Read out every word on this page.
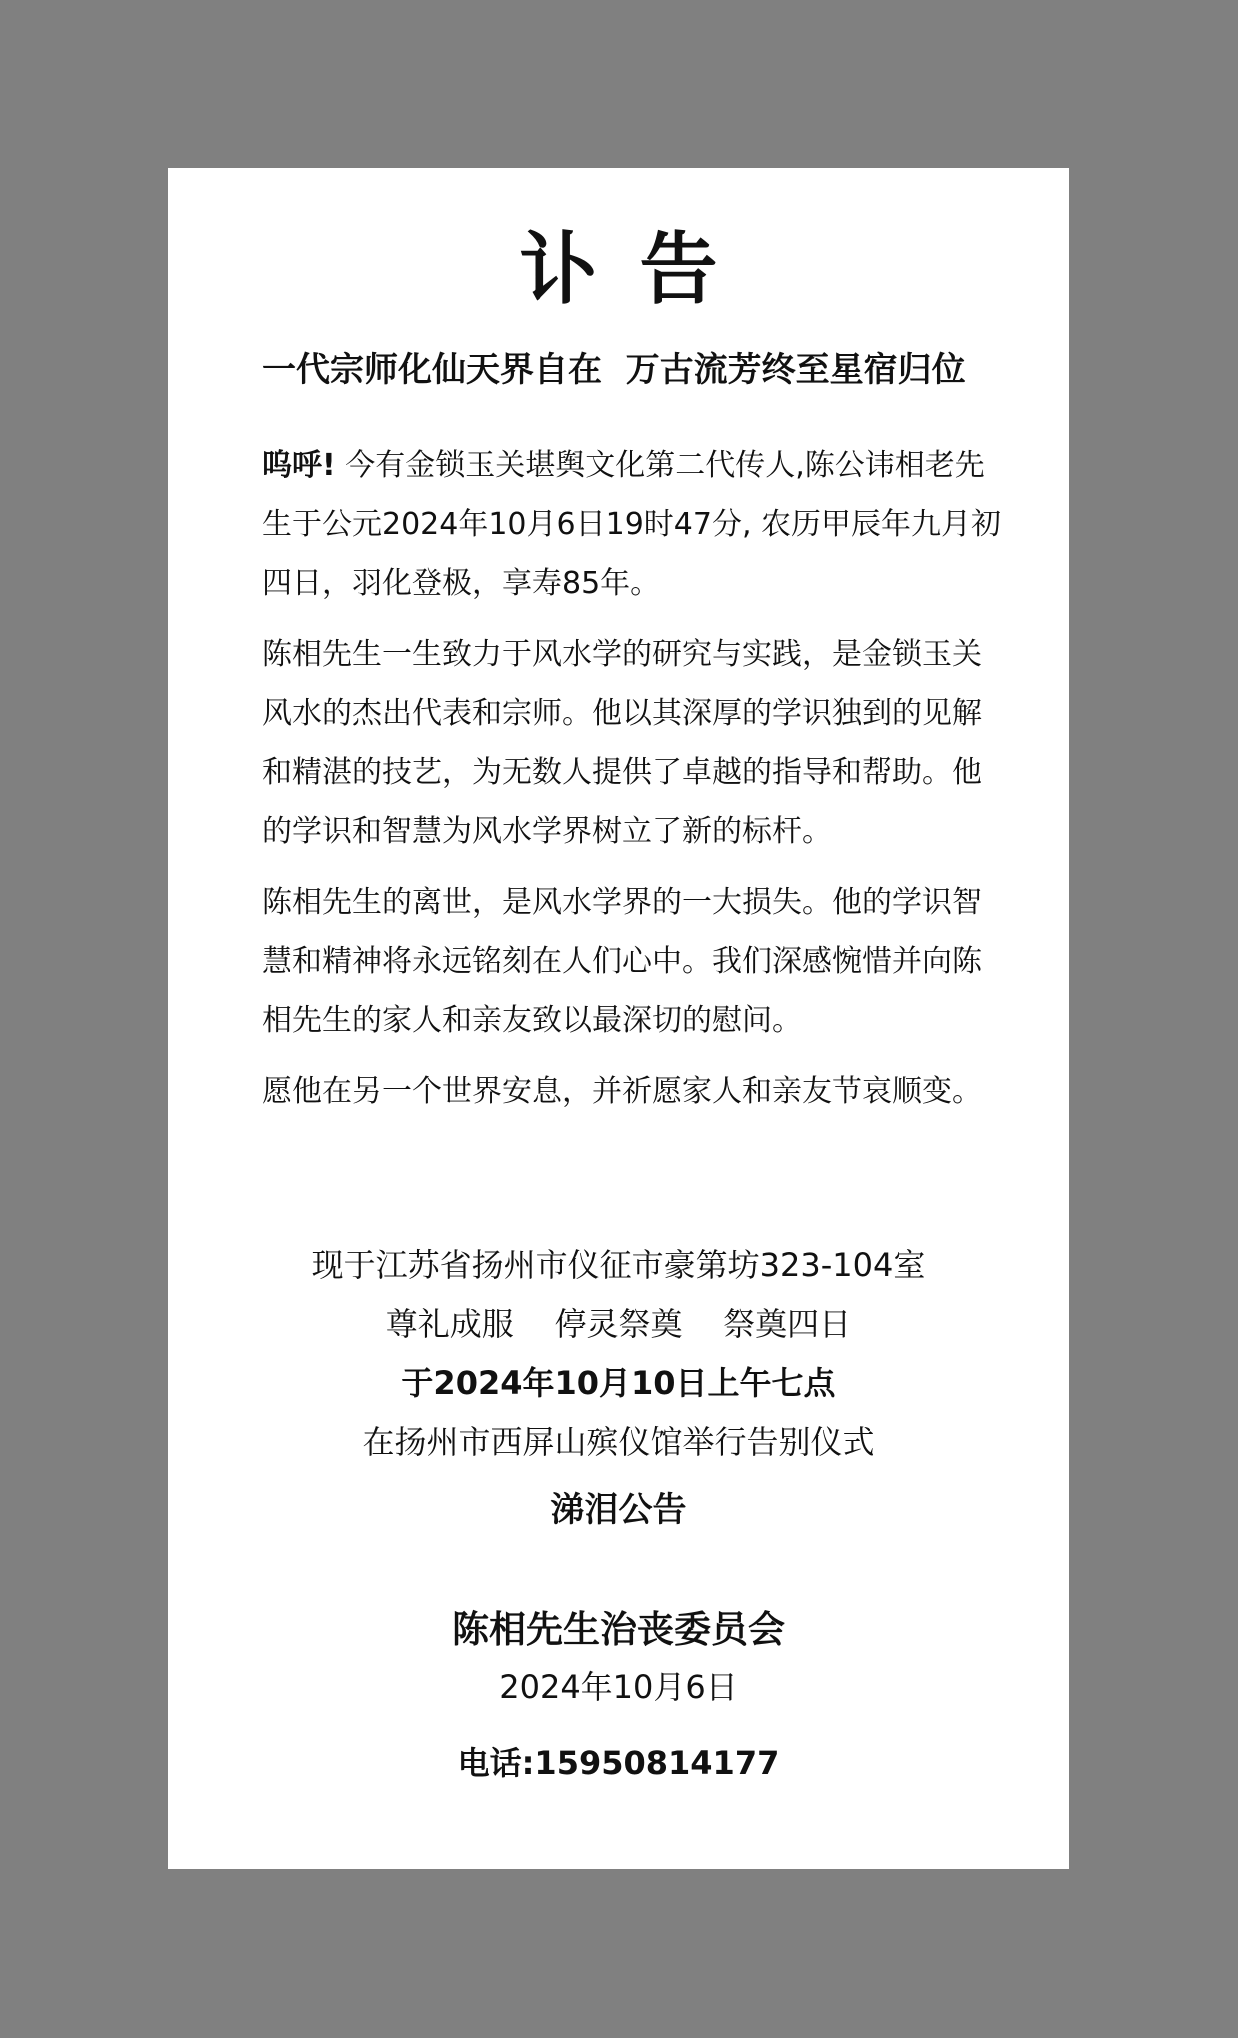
讣告
一代宗师化仙天界自在  万古流芳终至星宿归位

呜呼! 今有金锁玉关堪舆文化第二代传人,陈公讳相老先生于公元2024年10月6日19时47分, 农历甲辰年九月初四日，羽化登极，享寿85年。

陈相先生一生致力于风水学的研究与实践，是金锁玉关风水的杰出代表和宗师。他以其深厚的学识独到的见解和精湛的技艺，为无数人提供了卓越的指导和帮助。他的学识和智慧为风水学界树立了新的标杆。

陈相先生的离世，是风水学界的一大损失。他的学识智慧和精神将永远铭刻在人们心中。我们深感惋惜并向陈相先生的家人和亲友致以最深切的慰问。

愿他在另一个世界安息，并祈愿家人和亲友节哀顺变。

现于江苏省扬州市仪征市豪第坊323-104室
尊礼成服    停灵祭奠    祭奠四日
于2024年10月10日上午七点
在扬州市西屏山殡仪馆举行告别仪式
涕泪公告
陈相先生治丧委员会
2024年10月6日
电话:15950814177
